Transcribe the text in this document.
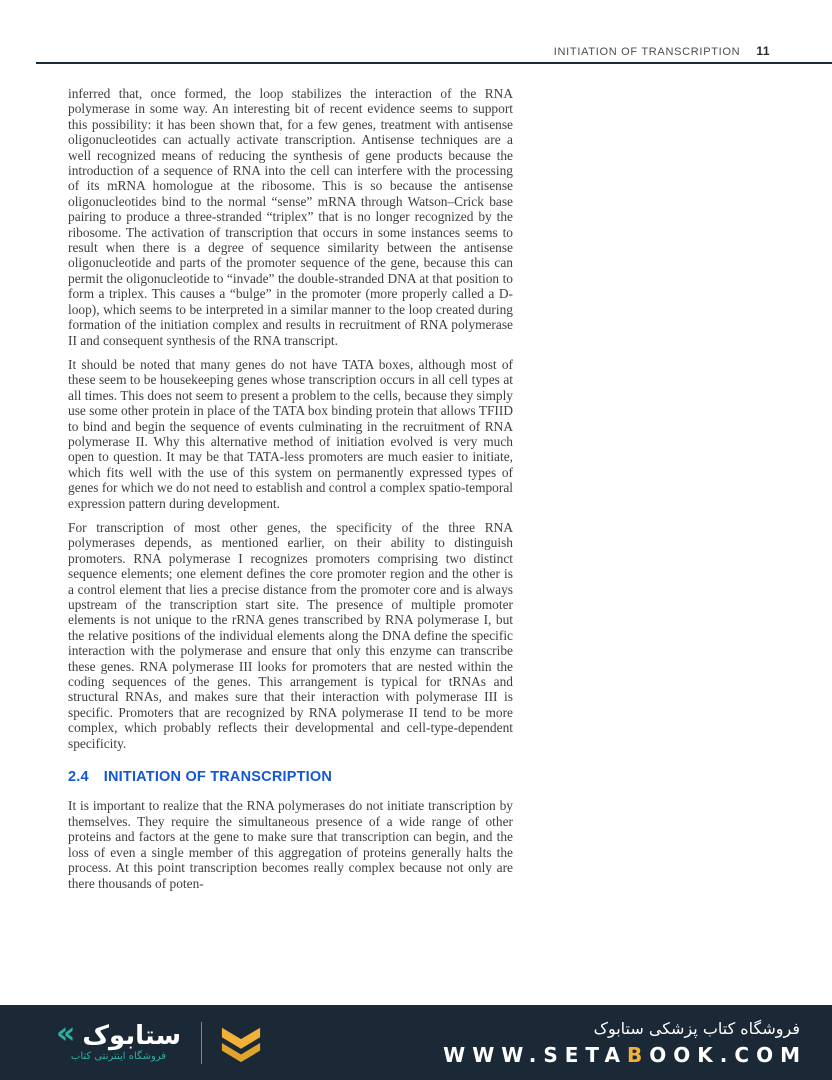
INITIATION OF TRANSCRIPTION 11

inferred that, once formed, the loop stabilizes the interaction of the RNA polymerase in some way. An interesting bit of recent evidence seems to support this possibility: it has been shown that, for a few genes, treatment with antisense oligonucleotides can actually activate transcription. Antisense techniques are a well recognized means of reducing the synthesis of gene products because the introduction of a sequence of RNA into the cell can interfere with the processing of its mRNA homologue at the ribosome. This is so because the antisense oligonucleotides bind to the normal “sense” mRNA through Watson–Crick base pairing to produce a three-stranded “triplex” that is no longer recognized by the ribosome. The activation of transcription that occurs in some instances seems to result when there is a degree of sequence similarity between the antisense oligonucleotide and parts of the promoter sequence of the gene, because this can permit the oligonucleotide to “invade” the double-stranded DNA at that position to form a triplex. This causes a “bulge” in the promoter (more properly called a D-loop), which seems to be interpreted in a similar manner to the loop created during formation of the initiation complex and results in recruitment of RNA polymerase II and consequent synthesis of the RNA transcript.

It should be noted that many genes do not have TATA boxes, although most of these seem to be housekeeping genes whose transcription occurs in all cell types at all times. This does not seem to present a problem to the cells, because they simply use some other protein in place of the TATA box binding protein that allows TFIID to bind and begin the sequence of events culminating in the recruitment of RNA polymerase II. Why this alternative method of initiation evolved is very much open to question. It may be that TATA-less promoters are much easier to initiate, which fits well with the use of this system on permanently expressed types of genes for which we do not need to establish and control a complex spatio-temporal expression pattern during development.

For transcription of most other genes, the specificity of the three RNA polymerases depends, as mentioned earlier, on their ability to distinguish promoters. RNA polymerase I recognizes promoters comprising two distinct sequence elements; one element defines the core promoter region and the other is a control element that lies a precise distance from the promoter core and is always upstream of the transcription start site. The presence of multiple promoter elements is not unique to the rRNA genes transcribed by RNA polymerase I, but the relative positions of the individual elements along the DNA define the specific interaction with the polymerase and ensure that only this enzyme can transcribe these genes. RNA polymerase III looks for promoters that are nested within the coding sequences of the genes. This arrangement is typical for tRNAs and structural RNAs, and makes sure that their interaction with polymerase III is specific. Promoters that are recognized by RNA polymerase II tend to be more complex, which probably reflects their developmental and cell-type-dependent specificity.

2.4 INITIATION OF TRANSCRIPTION

It is important to realize that the RNA polymerases do not initiate transcription by themselves. They require the simultaneous presence of a wide range of other proteins and factors at the gene to make sure that transcription can begin, and the loss of even a single member of this aggregation of proteins generally halts the process. At this point transcription becomes really complex because not only are there thousands of poten-

« ستابوک
فروشگاه اینترنتی کتاب
فروشگاه کتاب پزشکی ستابوک
WWW.SETABOOK.COM
